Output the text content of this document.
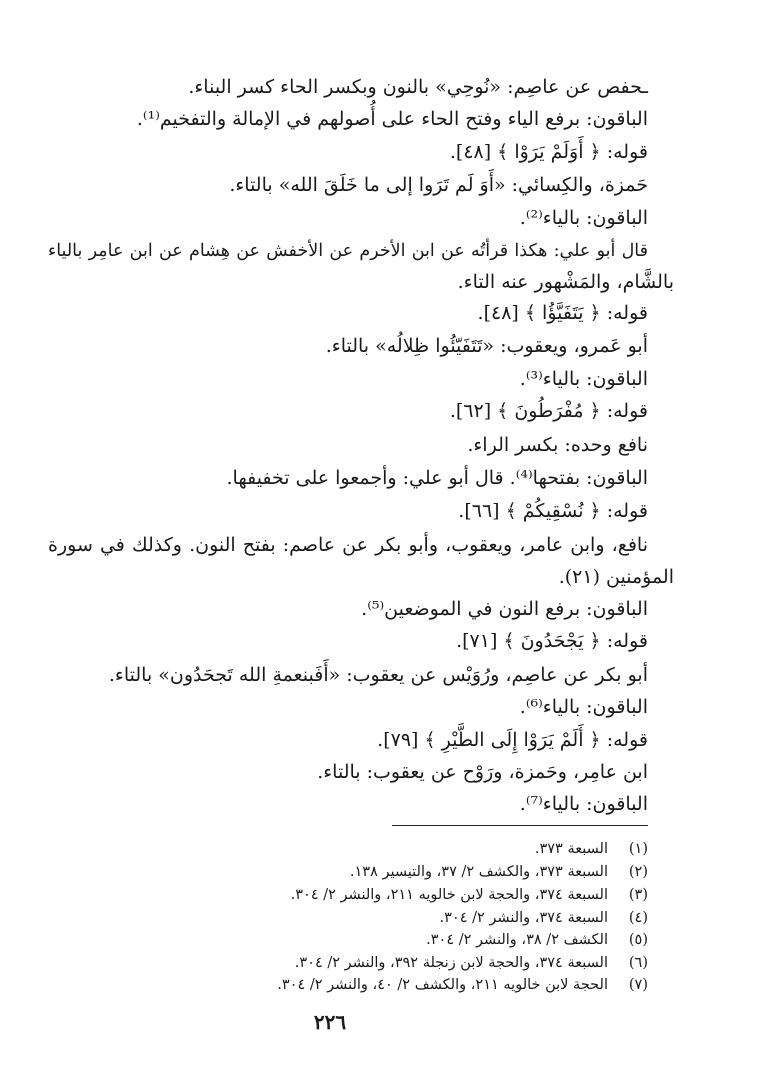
ـحفص عن عاصِم: «نُوحِي» بالنون وبكسر الحاء كسر البناء.
الباقون: برفع الياء وفتح الحاء على أُصولهم في الإمالة والتفخيم⁽¹⁾.
قوله: ﴿ أَوَلَمْ يَرَوْا ﴾ [٤٨].
حَمزة، والكِسائي: «أَوَ لَم تَرَوا إلى ما خَلَقَ الله» بالتاء.
الباقون: بالياء⁽²⁾.
قال أبو علي: هكذا قرأتُه عن ابن الأخرم عن الأخفش عن هِشام عن ابن عامِر بالياء
بالشَّام، والمَشْهور عنه التاء.
قوله: ﴿ يَتَفَيَّؤُا ﴾ [٤٨].
أبو عَمرو، ويعقوب: «تَتَفَيّئُوا ظِلالُه» بالتاء.
الباقون: بالياء⁽³⁾.
قوله: ﴿ مُفْرَطُونَ ﴾ [٦٢].
نافع وحده: بكسر الراء.
الباقون: بفتحها⁽⁴⁾. قال أبو علي: وأجمعوا على تخفيفها.
قوله: ﴿ نُسْقِيكُمْ ﴾ [٦٦].
نافع، وابن عامر، ويعقوب، وأبو بكر عن عاصم: بفتح النون. وكذلك في سورة
المؤمنين (٢١).
الباقون: برفع النون في الموضعين⁽⁵⁾.
قوله: ﴿ يَجْحَدُونَ ﴾ [٧١].
أبو بكر عن عاصِم، ورُوَيْس عن يعقوب: «أَفَبنعمةِ الله تَجحَدُون» بالتاء.
الباقون: بالياء⁽⁶⁾.
قوله: ﴿ أَلَمْ يَرَوْا إِلَى الطَّيْرِ ﴾ [٧٩].
ابن عامِر، وحَمزة، ورَوْح عن يعقوب: بالتاء.
الباقون: بالياء⁽⁷⁾.
(١)السبعة ٣٧٣.
(٢)السبعة ٣٧٣، والكشف ٢/ ٣٧، والتيسير ١٣٨.
(٣)السبعة ٣٧٤، والحجة لابن خالويه ٢١١، والنشر ٢/ ٣٠٤.
(٤)السبعة ٣٧٤، والنشر ٢/ ٣٠٤.
(٥)الكشف ٢/ ٣٨، والنشر ٢/ ٣٠٤.
(٦)السبعة ٣٧٤، والحجة لابن زنجلة ٣٩٢، والنشر ٢/ ٣٠٤.
(٧)الحجة لابن خالويه ٢١١، والكشف ٢/ ٤٠، والنشر ٢/ ٣٠٤.
٢٢٦
